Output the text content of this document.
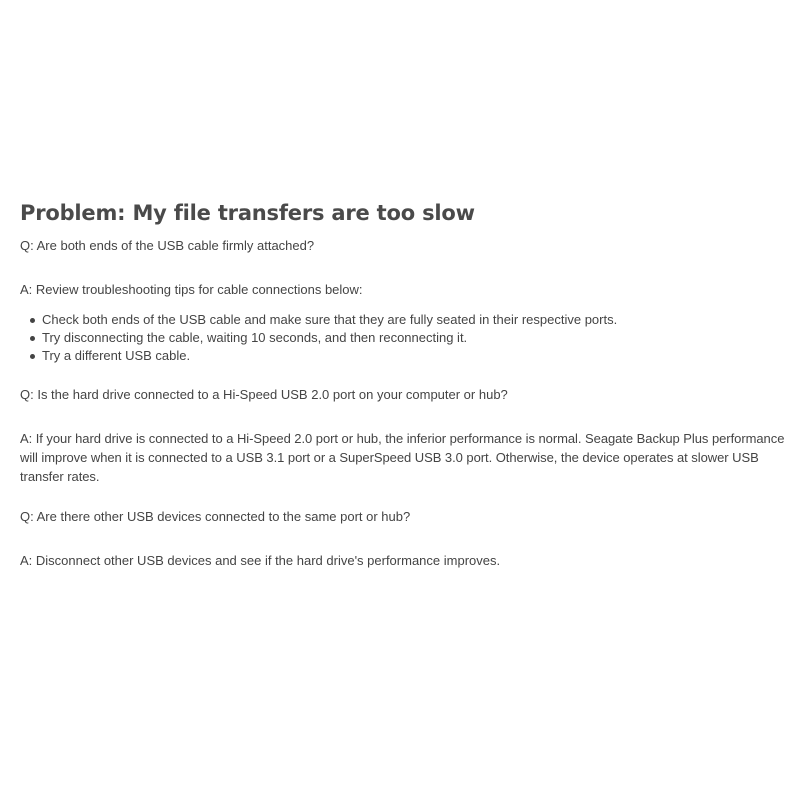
Problem: My file transfers are too slow

Q: Are both ends of the USB cable firmly attached?

A: Review troubleshooting tips for cable connections below:

Check both ends of the USB cable and make sure that they are fully seated in their respective ports.
Try disconnecting the cable, waiting 10 seconds, and then reconnecting it.
Try a different USB cable.

Q: Is the hard drive connected to a Hi-Speed USB 2.0 port on your computer or hub?

A: If your hard drive is connected to a Hi-Speed 2.0 port or hub, the inferior performance is normal. Seagate Backup Plus performance will improve when it is connected to a USB 3.1 port or a SuperSpeed USB 3.0 port. Otherwise, the device operates at slower USB transfer rates.

Q: Are there other USB devices connected to the same port or hub?

A: Disconnect other USB devices and see if the hard drive's performance improves.
